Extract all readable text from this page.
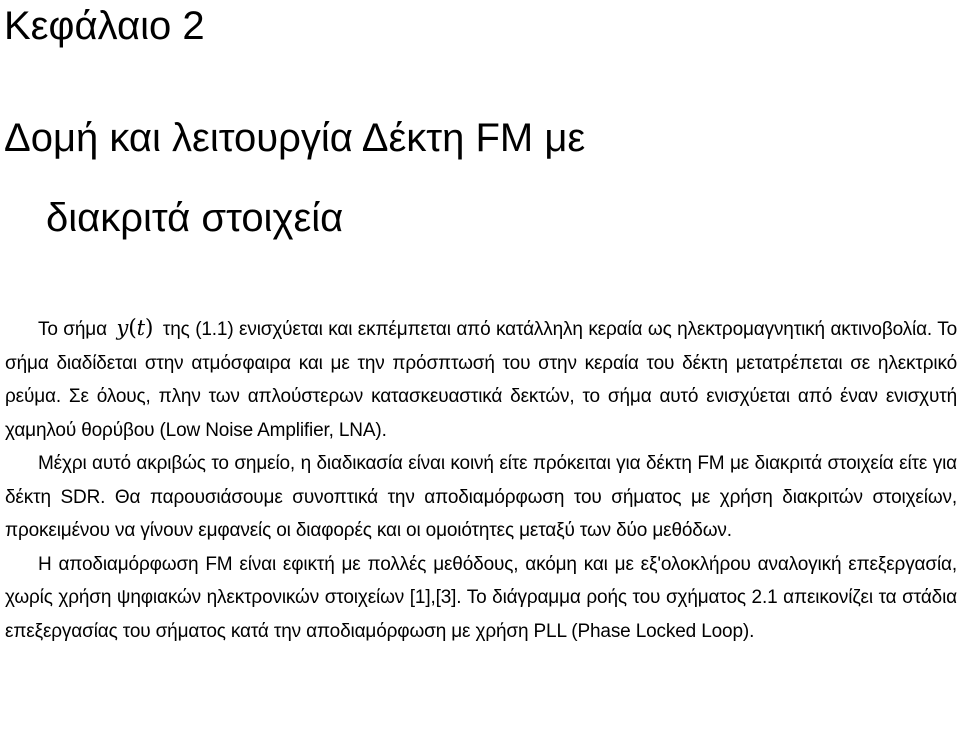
Κεφάλαιο 2
Δομή και λειτουργία Δέκτη FM με
διακριτά στοιχεία

Το σήμα y(t) της (1.1) ενισχύεται και εκπέμπεται από κατάλληλη κεραία ως ηλεκτρομαγνητική ακτινοβολία. Το σήμα διαδίδεται στην ατμόσφαιρα και με την πρόσπτωσή του στην κεραία του δέκτη μετατρέπεται σε ηλεκτρικό ρεύμα. Σε όλους, πλην των απλούστερων κατασκευαστικά δεκτών, το σήμα αυτό ενισχύεται από έναν ενισχυτή χαμηλού θορύβου (Low Noise Amplifier, LNA).

Μέχρι αυτό ακριβώς το σημείο, η διαδικασία είναι κοινή είτε πρόκειται για δέκτη FM με διακριτά στοιχεία είτε για δέκτη SDR. Θα παρουσιάσουμε συνοπτικά την αποδιαμόρφωση του σήματος με χρήση διακριτών στοιχείων, προκειμένου να γίνουν εμφανείς οι διαφορές και οι ομοιότητες μεταξύ των δύο μεθόδων.

Η αποδιαμόρφωση FM είναι εφικτή με πολλές μεθόδους, ακόμη και με εξ'ολοκλήρου αναλογική επεξεργασία, χωρίς χρήση ψηφιακών ηλεκτρονικών στοιχείων [1],[3]. Το διάγραμμα ροής του σχήματος 2.1 απεικονίζει τα στάδια επεξεργασίας του σήματος κατά την αποδιαμόρφωση με χρήση PLL (Phase Locked Loop).
